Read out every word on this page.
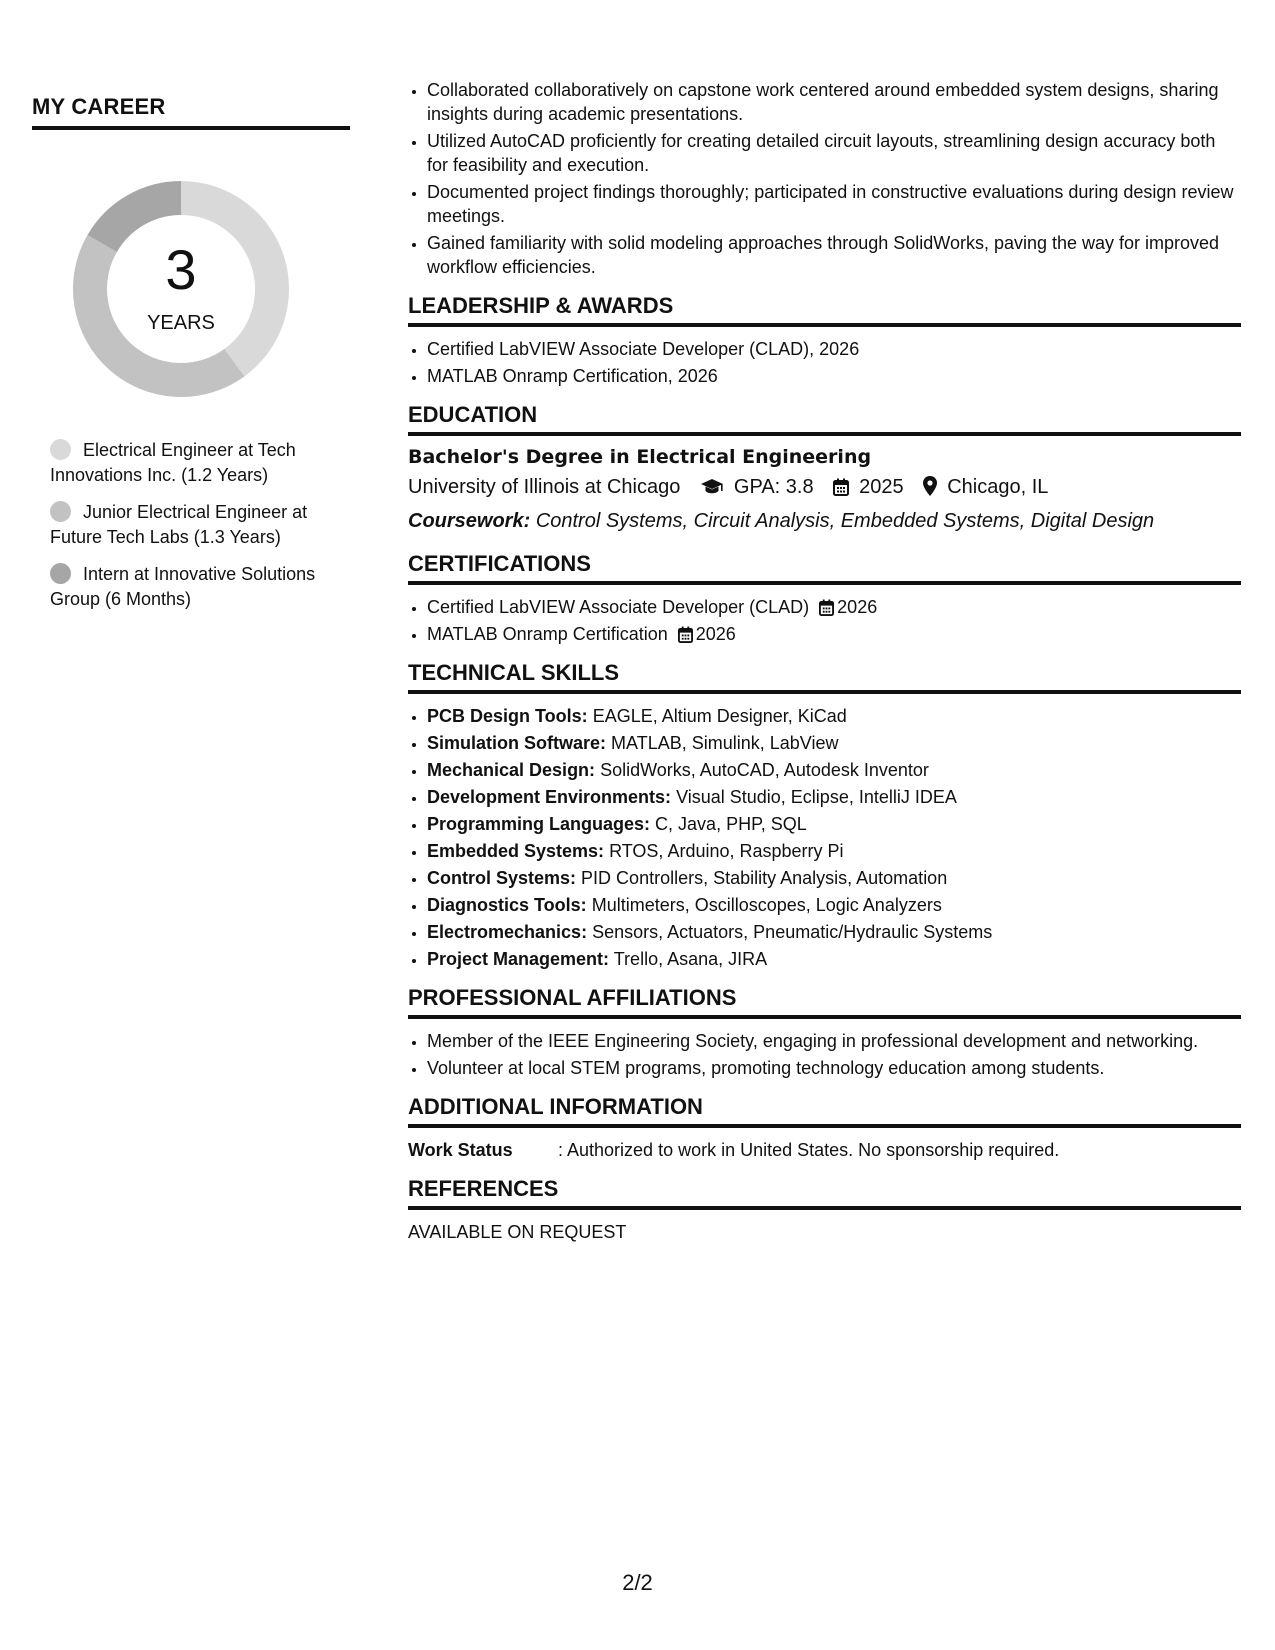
MY CAREER
3
YEARS
Electrical Engineer at Tech Innovations Inc. (1.2 Years)
Junior Electrical Engineer at Future Tech Labs (1.3 Years)
Intern at Innovative Solutions Group (6 Months)
• Collaborated collaboratively on capstone work centered around embedded system designs, sharing insights during academic presentations.
• Utilized AutoCAD proficiently for creating detailed circuit layouts, streamlining design accuracy both for feasibility and execution.
• Documented project findings thoroughly; participated in constructive evaluations during design review meetings.
• Gained familiarity with solid modeling approaches through SolidWorks, paving the way for improved workflow efficiencies.
LEADERSHIP & AWARDS
• Certified LabVIEW Associate Developer (CLAD), 2026
• MATLAB Onramp Certification, 2026
EDUCATION
Bachelor's Degree in Electrical Engineering
University of Illinois at Chicago	GPA: 3.8 2025 Chicago, IL
Coursework: Control Systems, Circuit Analysis, Embedded Systems, Digital Design
CERTIFICATIONS
• Certified LabVIEW Associate Developer (CLAD) 2026
• MATLAB Onramp Certification 2026
TECHNICAL SKILLS
• PCB Design Tools: EAGLE, Altium Designer, KiCad
• Simulation Software: MATLAB, Simulink, LabView
• Mechanical Design: SolidWorks, AutoCAD, Autodesk Inventor
• Development Environments: Visual Studio, Eclipse, IntelliJ IDEA
• Programming Languages: C, Java, PHP, SQL
• Embedded Systems: RTOS, Arduino, Raspberry Pi
• Control Systems: PID Controllers, Stability Analysis, Automation
• Diagnostics Tools: Multimeters, Oscilloscopes, Logic Analyzers
• Electromechanics: Sensors, Actuators, Pneumatic/Hydraulic Systems
• Project Management: Trello, Asana, JIRA
PROFESSIONAL AFFILIATIONS
• Member of the IEEE Engineering Society, engaging in professional development and networking.
• Volunteer at local STEM programs, promoting technology education among students.
ADDITIONAL INFORMATION
Work Status	: Authorized to work in United States. No sponsorship required.
REFERENCES
AVAILABLE ON REQUEST
2/2
